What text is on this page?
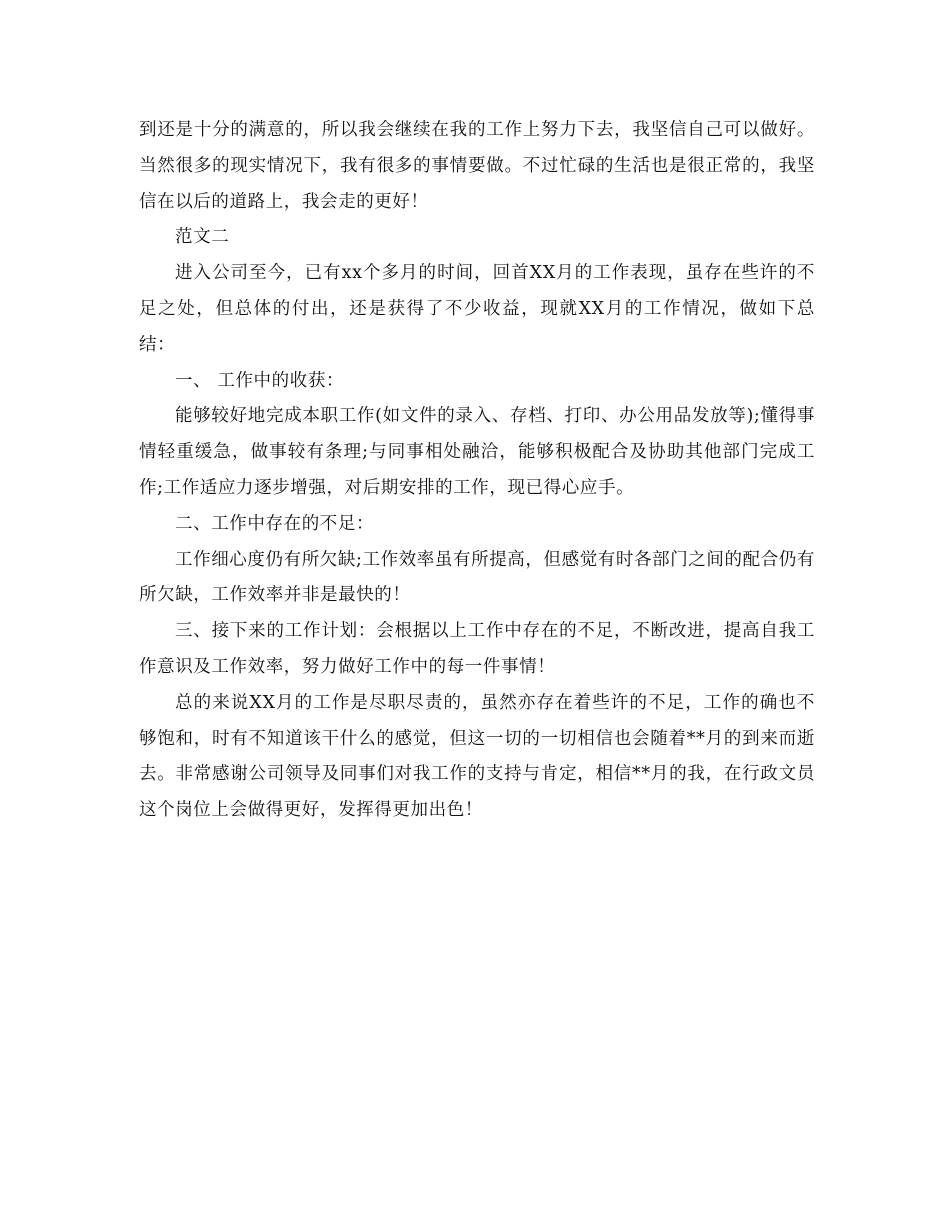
到还是十分的满意的，所以我会继续在我的工作上努力下去，我坚信自己可以做好。当然很多的现实情况下，我有很多的事情要做。不过忙碌的生活也是很正常的，我坚信在以后的道路上，我会走的更好！

范文二

进入公司至今，已有xx个多月的时间，回首XX月的工作表现，虽存在些许的不足之处，但总体的付出，还是获得了不少收益，现就XX月的工作情况，做如下总结：

一、 工作中的收获：

能够较好地完成本职工作(如文件的录入、存档、打印、办公用品发放等);懂得事情轻重缓急，做事较有条理;与同事相处融洽，能够积极配合及协助其他部门完成工作;工作适应力逐步增强，对后期安排的工作，现已得心应手。

二、工作中存在的不足：

工作细心度仍有所欠缺;工作效率虽有所提高，但感觉有时各部门之间的配合仍有所欠缺，工作效率并非是最快的！

三、接下来的工作计划：会根据以上工作中存在的不足，不断改进，提高自我工作意识及工作效率，努力做好工作中的每一件事情！

总的来说XX月的工作是尽职尽责的，虽然亦存在着些许的不足，工作的确也不够饱和，时有不知道该干什么的感觉，但这一切的一切相信也会随着**月的到来而逝去。非常感谢公司领导及同事们对我工作的支持与肯定，相信**月的我，在行政文员这个岗位上会做得更好，发挥得更加出色！
